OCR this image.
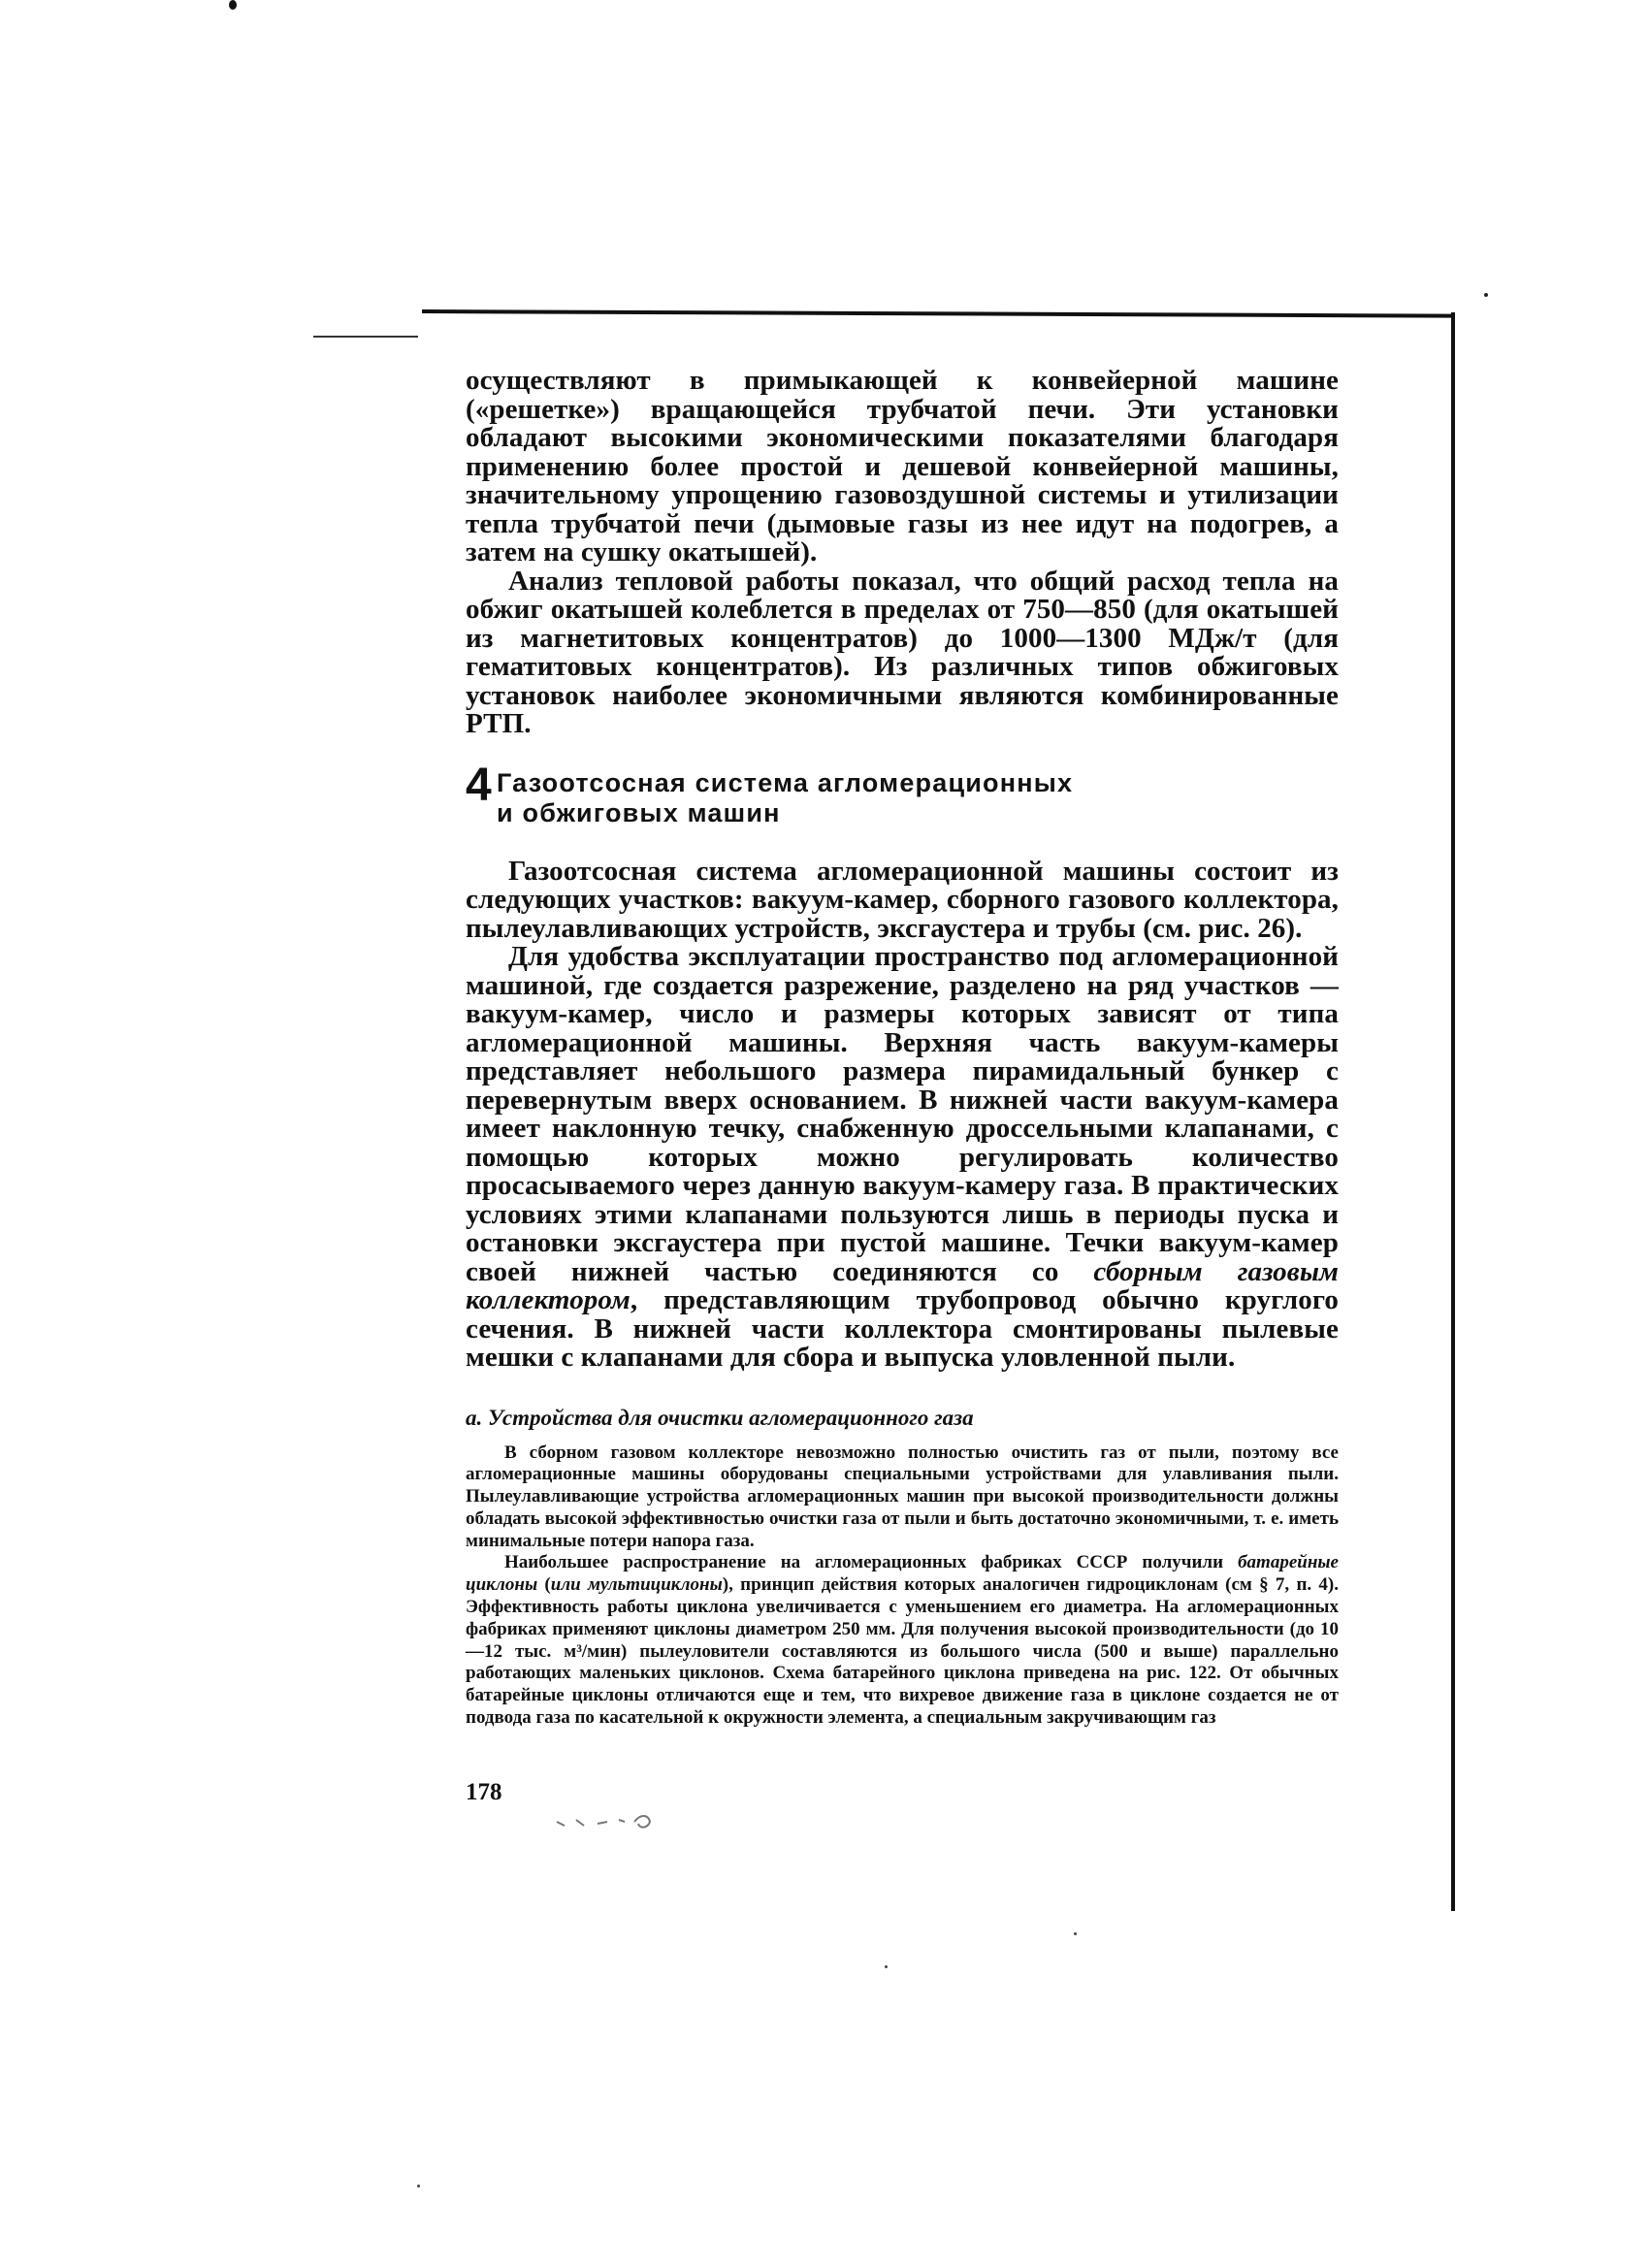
осуществляют в примыкающей к конвейерной машине («решетке») вращающейся трубчатой печи. Эти установки обладают высокими экономическими показателями благодаря применению более простой и дешевой конвейерной машины, значительному упрощению газовоздушной системы и утилизации тепла трубчатой печи (дымовые газы из нее идут на подогрев, а затем на сушку окатышей).

Анализ тепловой работы показал, что общий расход тепла на обжиг окатышей колеблется в пределах от 750—850 (для окатышей из магнетитовых концентратов) до 1000—1300 МДж/т (для гематитовых концентратов). Из различных типов обжиговых установок наиболее экономичными являются комбинированные РТП.

4 Газоотсосная система агломерационных
и обжиговых машин

Газоотсосная система агломерационной машины состоит из следующих участков: вакуум-камер, сборного газового коллектора, пылеулавливающих устройств, эксгаустера и трубы (см. рис. 26).

Для удобства эксплуатации пространство под агломерационной машиной, где создается разрежение, разделено на ряд участков — вакуум-камер, число и размеры которых зависят от типа агломерационной машины. Верхняя часть вакуум-камеры представляет небольшого размера пирамидальный бункер с перевернутым вверх основанием. В нижней части вакуум-камера имеет наклонную течку, снабженную дроссельными клапанами, с помощью которых можно регулировать количество просасываемого через данную вакуум-камеру газа. В практических условиях этими клапанами пользуются лишь в периоды пуска и остановки эксгаустера при пустой машине. Течки вакуум-камер своей нижней частью соединяются со сборным газовым коллектором, представляющим трубопровод обычно круглого сечения. В нижней части коллектора смонтированы пылевые мешки с клапанами для сбора и выпуска уловленной пыли.

а. Устройства для очистки агломерационного газа

В сборном газовом коллекторе невозможно полностью очистить газ от пыли, поэтому все агломерационные машины оборудованы специальными устройствами для улавливания пыли. Пылеулавливающие устройства агломерационных машин при высокой производительности должны обладать высокой эффективностью очистки газа от пыли и быть достаточно экономичными, т. е. иметь минимальные потери напора газа.

Наибольшее распространение на агломерационных фабриках СССР получили батарейные циклоны (или мультициклоны), принцип действия которых аналогичен гидроциклонам (см § 7, п. 4). Эффективность работы циклона увеличивается с уменьшением его диаметра. На агломерационных фабриках применяют циклоны диаметром 250 мм. Для получения высокой производительности (до 10—12 тыс. м³/мин) пылеуловители составляются из большого числа (500 и выше) параллельно работающих маленьких циклонов. Схема батарейного циклона приведена на рис. 122. От обычных батарейные циклоны отличаются еще и тем, что вихревое движение газа в циклоне создается не от подвода газа по касательной к окружности элемента, а специальным закручивающим газ

178
